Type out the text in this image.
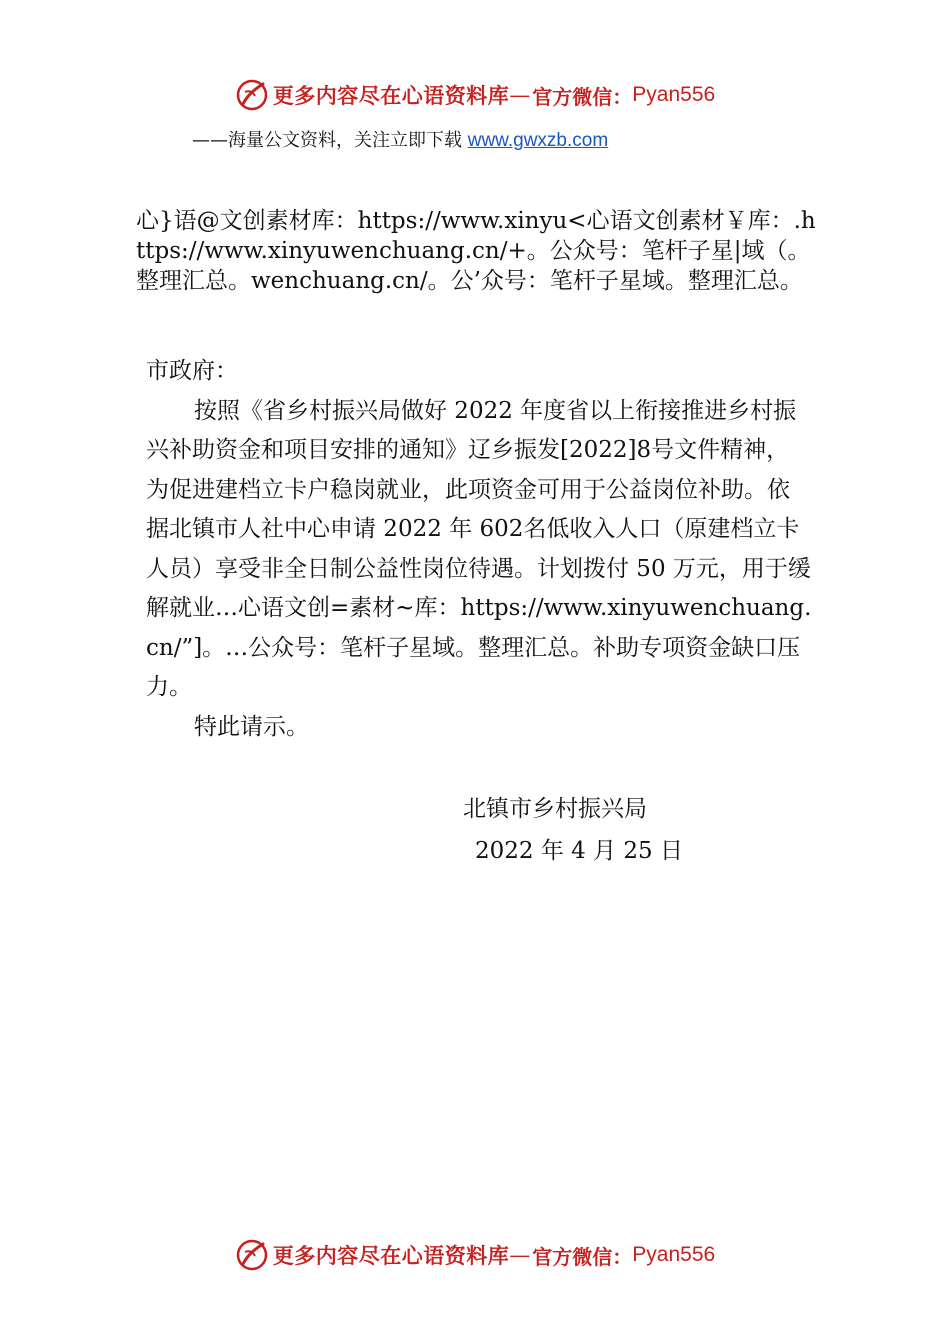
更多内容尽在心语资料库 — 官方微信： Pyan556
——海量公文资料，关注立即下载 www.gwxzb.com
心}语@文创素材库：https://www.xinyu<心语文创素材￥库：.https://www.xinyuwenchuang.cn/+。公众号：笔杆子星|域（。整理汇总。wenchuang.cn/。公’众号：笔杆子星域。整理汇总。

市政府：

按照《省乡村振兴局做好 2022 年度省以上衔接推进乡村振兴补助资金和项目安排的通知》辽乡振发[2022]8号文件精神，为促进建档立卡户稳岗就业，此项资金可用于公益岗位补助。依据北镇市人社中心申请 2022 年 602名低收入人口（原建档立卡人员）享受非全日制公益性岗位待遇。计划拨付 50 万元，用于缓解就业…心语文创=素材~库：https://www.xinyuwenchuang.cn/”]。…公众号：笔杆子星域。整理汇总。补助专项资金缺口压力。

特此请示。

北镇市乡村振兴局
2022 年 4 月 25 日
更多内容尽在心语资料库 — 官方微信： Pyan556
